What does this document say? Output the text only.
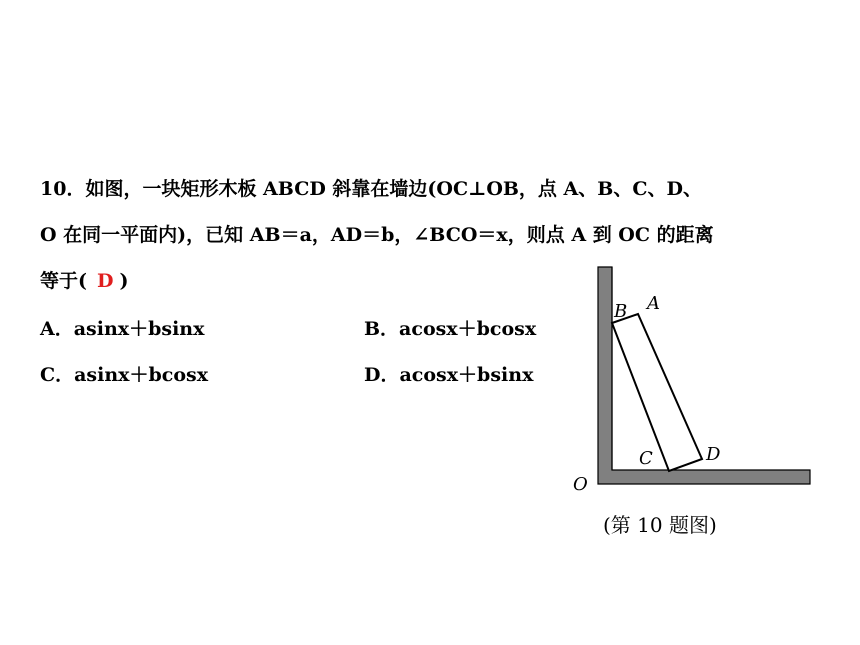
10．如图，一块矩形木板 ABCD 斜靠在墙边(OC⊥OB，点 A、B、C、D、
O 在同一平面内)，已知 AB＝a，AD＝b，∠BCO＝x，则点 A 到 OC 的距离
等于( D )
A．asinx＋bsinx	B．acosx＋bcosx
C．asinx＋bcosx	D．acosx＋bsinx
B A
C	D
O
(第 10 题图)
